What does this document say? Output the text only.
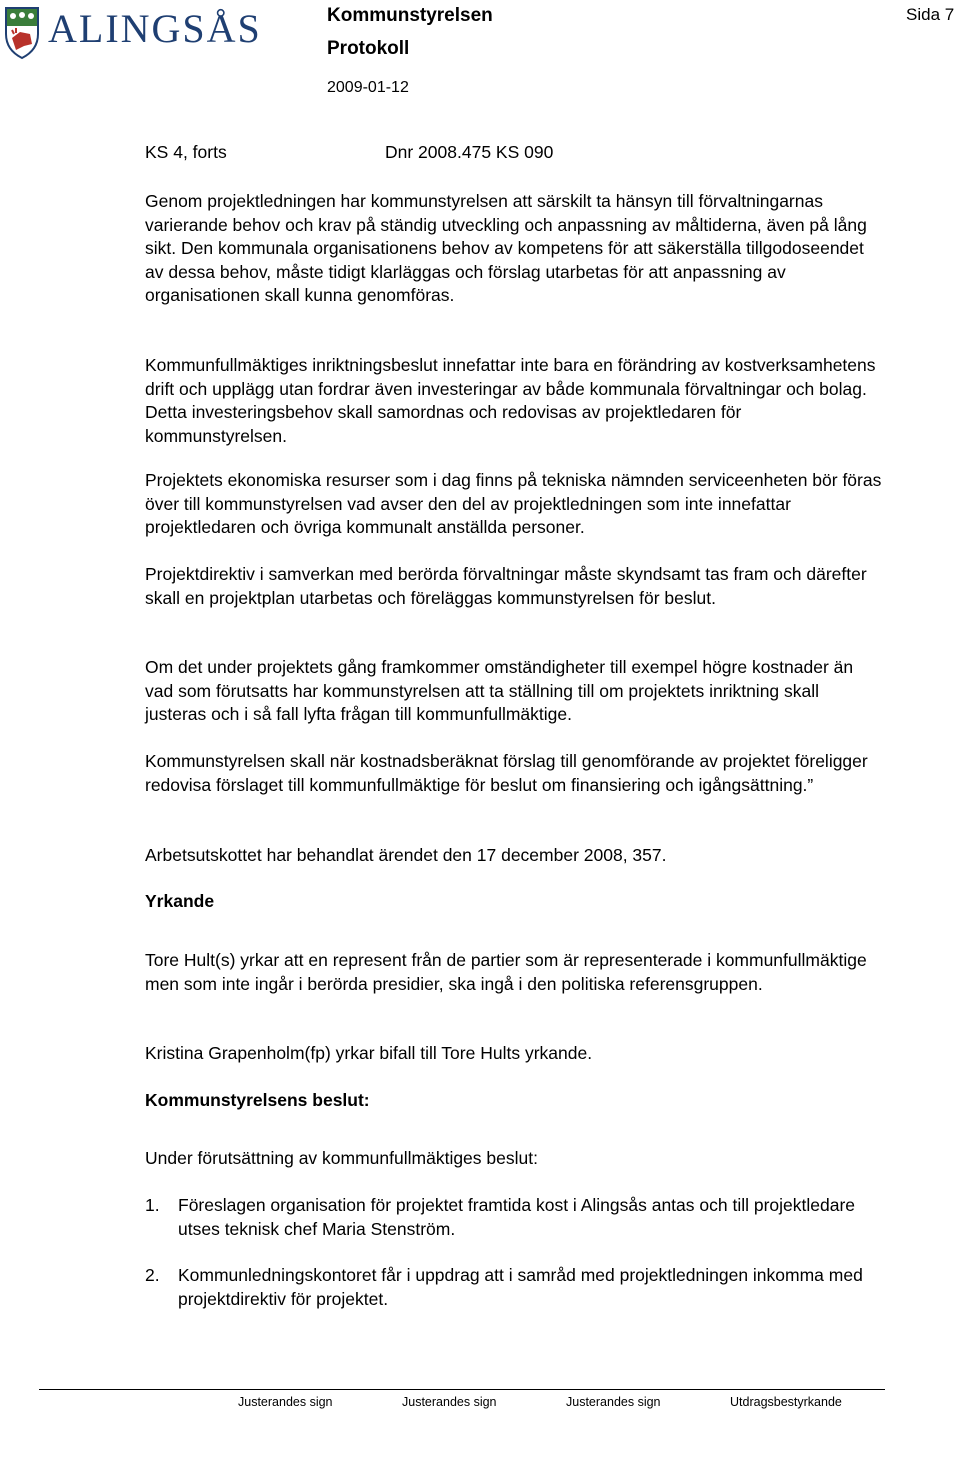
ALINGSÅS	Kommunstyrelsen
Protokoll
2009-01-12
Sida 7
KS 4, forts	Dnr 2008.475 KS 090

Genom projektledningen har kommunstyrelsen att särskilt ta hänsyn till förvaltningarnas varierande behov och krav på ständig utveckling och anpassning av måltiderna, även på lång sikt. Den kommunala organisationens behov av kompetens för att säkerställa tillgodoseendet av dessa behov, måste tidigt klarläggas och förslag utarbetas för att anpassning av organisationen skall kunna genomföras.

Kommunfullmäktiges inriktningsbeslut innefattar inte bara en förändring av kostverksamhetens drift och upplägg utan fordrar även investeringar av både kommunala förvaltningar och bolag. Detta investeringsbehov skall samordnas och redovisas av projektledaren för kommunstyrelsen.

Projektets ekonomiska resurser som i dag finns på tekniska nämnden serviceenheten bör föras över till kommunstyrelsen vad avser den del av projektledningen som inte innefattar projektledaren och övriga kommunalt anställda personer.

Projektdirektiv i samverkan med berörda förvaltningar måste skyndsamt tas fram och därefter skall en projektplan utarbetas och föreläggas kommunstyrelsen för beslut.

Om det under projektets gång framkommer omständigheter till exempel högre kostnader än vad som förutsatts har kommunstyrelsen att ta ställning till om projektets inriktning skall justeras och i så fall lyfta frågan till kommunfullmäktige.

Kommunstyrelsen skall när kostnadsberäknat förslag till genomförande av projektet föreligger redovisa förslaget till kommunfullmäktige för beslut om finansiering och igångsättning.”

Arbetsutskottet har behandlat ärendet den 17 december 2008, 357.

Yrkande

Tore Hult(s) yrkar att en represent från de partier som är representerade i kommunfullmäktige men som inte ingår i berörda presidier, ska ingå i den politiska referensgruppen.

Kristina Grapenholm(fp) yrkar bifall till Tore Hults yrkande.

Kommunstyrelsens beslut:

Under förutsättning av kommunfullmäktiges beslut:

1. Föreslagen organisation för projektet framtida kost i Alingsås antas och till projektledare utses teknisk chef Maria Stenström.
2. Kommunledningskontoret får i uppdrag att i samråd med projektledningen inkomma med projektdirektiv för projektet.
Justerandes sign	Justerandes sign	Justerandes sign	Utdragsbestyrkande
